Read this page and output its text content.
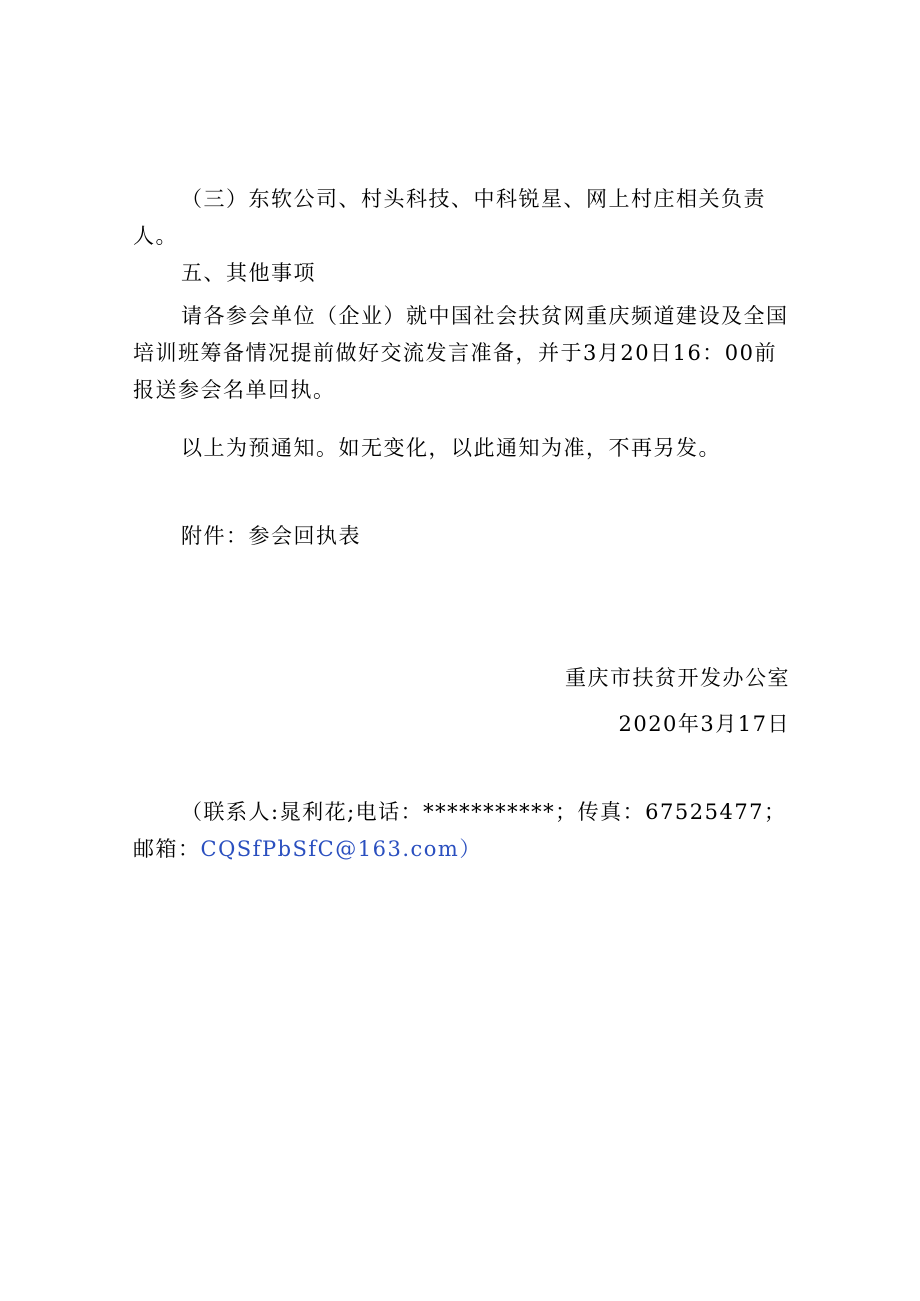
（三）东软公司、村头科技、中科锐星、网上村庄相关负责人。
五、其他事项
请各参会单位（企业）就中国社会扶贫网重庆频道建设及全国培训班筹备情况提前做好交流发言准备，并于3月20日16：00前报送参会名单回执。
以上为预通知。如无变化，以此通知为准，不再另发。
附件：参会回执表
重庆市扶贫开发办公室
2020年3月17日
（联系人:晁利花;电话：***********；传真：67525477；邮箱：CQSfPbSfC@163.com）
